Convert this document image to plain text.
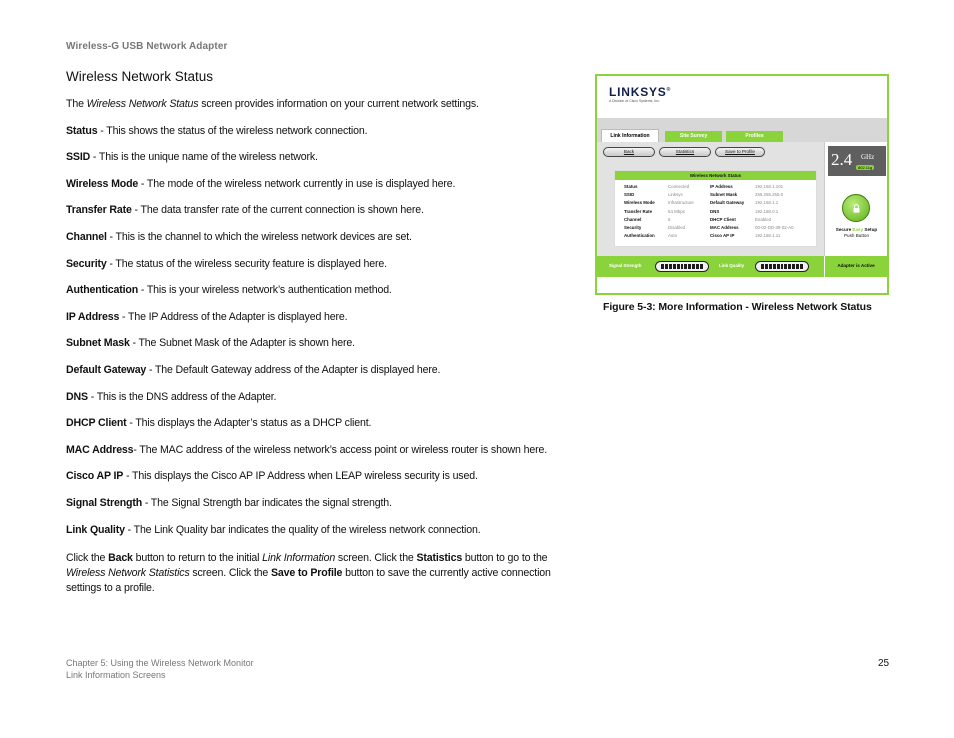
Wireless-G USB Network Adapter
Wireless Network Status

The Wireless Network Status screen provides information on your current network settings.

Status - This shows the status of the wireless network connection.

SSID - This is the unique name of the wireless network.

Wireless Mode - The mode of the wireless network currently in use is displayed here.

Transfer Rate - The data transfer rate of the current connection is shown here.

Channel - This is the channel to which the wireless network devices are set.

Security - The status of the wireless security feature is displayed here.

Authentication - This is your wireless network’s authentication method.

IP Address - The IP Address of the Adapter is displayed here.

Subnet Mask - The Subnet Mask of the Adapter is shown here.

Default Gateway - The Default Gateway address of the Adapter is displayed here.

DNS - This is the DNS address of the Adapter.

DHCP Client - This displays the Adapter’s status as a DHCP client.

MAC Address- The MAC address of the wireless network’s access point or wireless router is shown here.

Cisco AP IP - This displays the Cisco AP IP Address when LEAP wireless security is used.

Signal Strength - The Signal Strength bar indicates the signal strength.

Link Quality - The Link Quality bar indicates the quality of the wireless network connection.

Click the Back button to return to the initial Link Information screen. Click the Statistics button to go to the
Wireless Network Statistics screen. Click the Save to Profile button to save the currently active connection settings to a profile.

LINKSYS®
A Division of Cisco Systems, Inc.
Link Information	Site Survey	Profiles
Back	Statistics	Save to Profile
Wireless Network Status
Status	Connected
SSID	Linksys
Wireless Mode	Infrastructure
Transfer Rate	54 Mbps
Channel	6
Security	Disabled
Authentication	Auto
IP Address	192.168.1.101
Subnet Mask	255.255.255.0
Default Gateway 192.168.1.1
DNS	192.168.0.1
DHCP Client	Enabled
MAC Address	00-02-DD-39-02-A0
Cisco AP IP	192.168.1.11
2.4 GHz
802.11g
Secure Easy Setup
Push Button
Signal Strength	Link Quality	Adapter is Active
Figure 5-3: More Information - Wireless Network Status
Chapter 5: Using the Wireless Network Monitor
Link Information Screens
25
